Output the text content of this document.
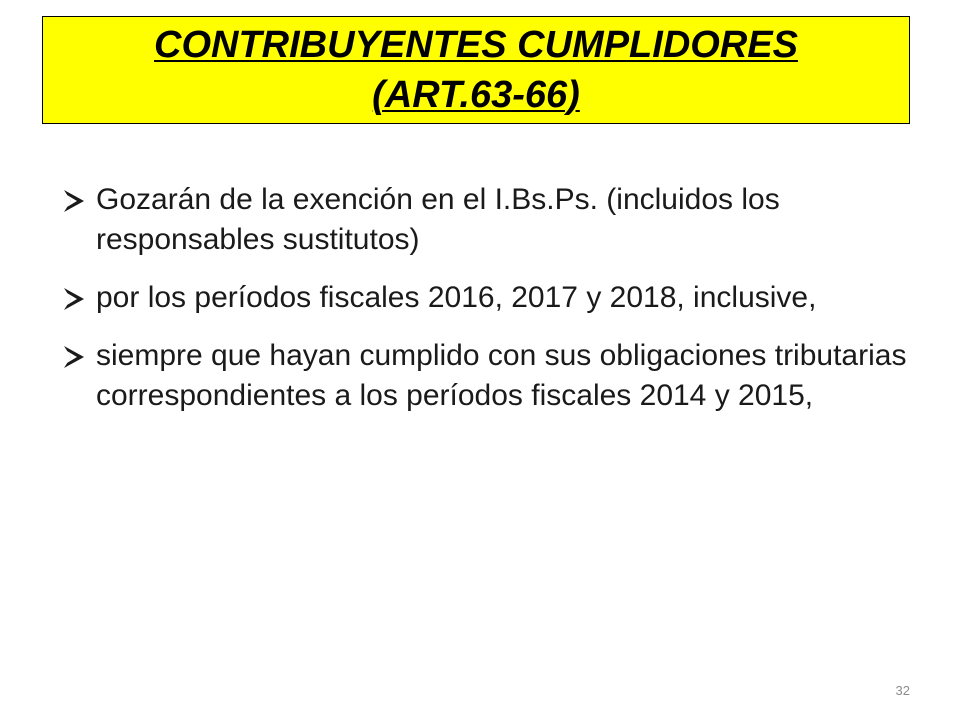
CONTRIBUYENTES CUMPLIDORES
(ART.63-66)
Gozarán de la exención en el I.Bs.Ps. (incluidos los responsables sustitutos)
por los períodos fiscales 2016, 2017 y 2018, inclusive,
siempre que hayan cumplido con sus obligaciones tributarias correspondientes a los períodos fiscales 2014 y 2015,
32
